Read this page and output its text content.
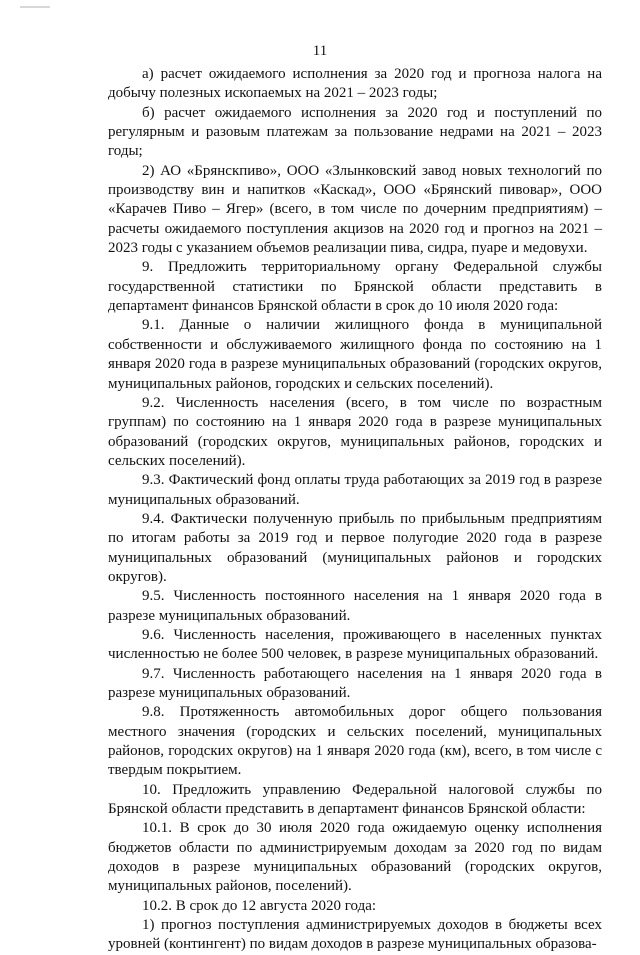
11

а) расчет ожидаемого исполнения за 2020 год и прогноза налога на добычу полезных ископаемых на 2021 – 2023 годы;

б) расчет ожидаемого исполнения за 2020 год и поступлений по регулярным и разовым платежам за пользование недрами на 2021 – 2023 годы;

2) АО «Брянскпиво», ООО «Злынковский завод новых технологий по производству вин и напитков «Каскад», ООО «Брянский пивовар», ООО «Карачев Пиво – Ягер» (всего, в том числе по дочерним предприятиям) – расчеты ожидаемого поступления акцизов на 2020 год и прогноз на 2021 – 2023 годы с указанием объемов реализации пива, сидра, пуаре и медовухи.

9. Предложить территориальному органу Федеральной службы государственной статистики по Брянской области представить в департамент финансов Брянской области в срок до 10 июля 2020 года:

9.1. Данные о наличии жилищного фонда в муниципальной собственности и обслуживаемого жилищного фонда по состоянию на 1 января 2020 года в разрезе муниципальных образований (городских округов, муниципальных районов, городских и сельских поселений).

9.2. Численность населения (всего, в том числе по возрастным группам) по состоянию на 1 января 2020 года в разрезе муниципальных образований (городских округов, муниципальных районов, городских и сельских поселений).

9.3. Фактический фонд оплаты труда работающих за 2019 год в разрезе муниципальных образований.

9.4. Фактически полученную прибыль по прибыльным предприятиям по итогам работы за 2019 год и первое полугодие 2020 года в разрезе муниципальных образований (муниципальных районов и городских округов).

9.5. Численность постоянного населения на 1 января 2020 года в разрезе муниципальных образований.

9.6. Численность населения, проживающего в населенных пунктах численностью не более 500 человек, в разрезе муниципальных образований.

9.7. Численность работающего населения на 1 января 2020 года в разрезе муниципальных образований.

9.8. Протяженность автомобильных дорог общего пользования местного значения (городских и сельских поселений, муниципальных районов, городских округов) на 1 января 2020 года (км), всего, в том числе с твердым покрытием.

10. Предложить управлению Федеральной налоговой службы по Брянской области представить в департамент финансов Брянской области:

10.1. В срок до 30 июля 2020 года ожидаемую оценку исполнения бюджетов области по администрируемым доходам за 2020 год по видам доходов в разрезе муниципальных образований (городских округов, муниципальных районов, поселений).

10.2. В срок до 12 августа 2020 года:

1) прогноз поступления администрируемых доходов в бюджеты всех уровней (контингент) по видам доходов в разрезе муниципальных образова-
